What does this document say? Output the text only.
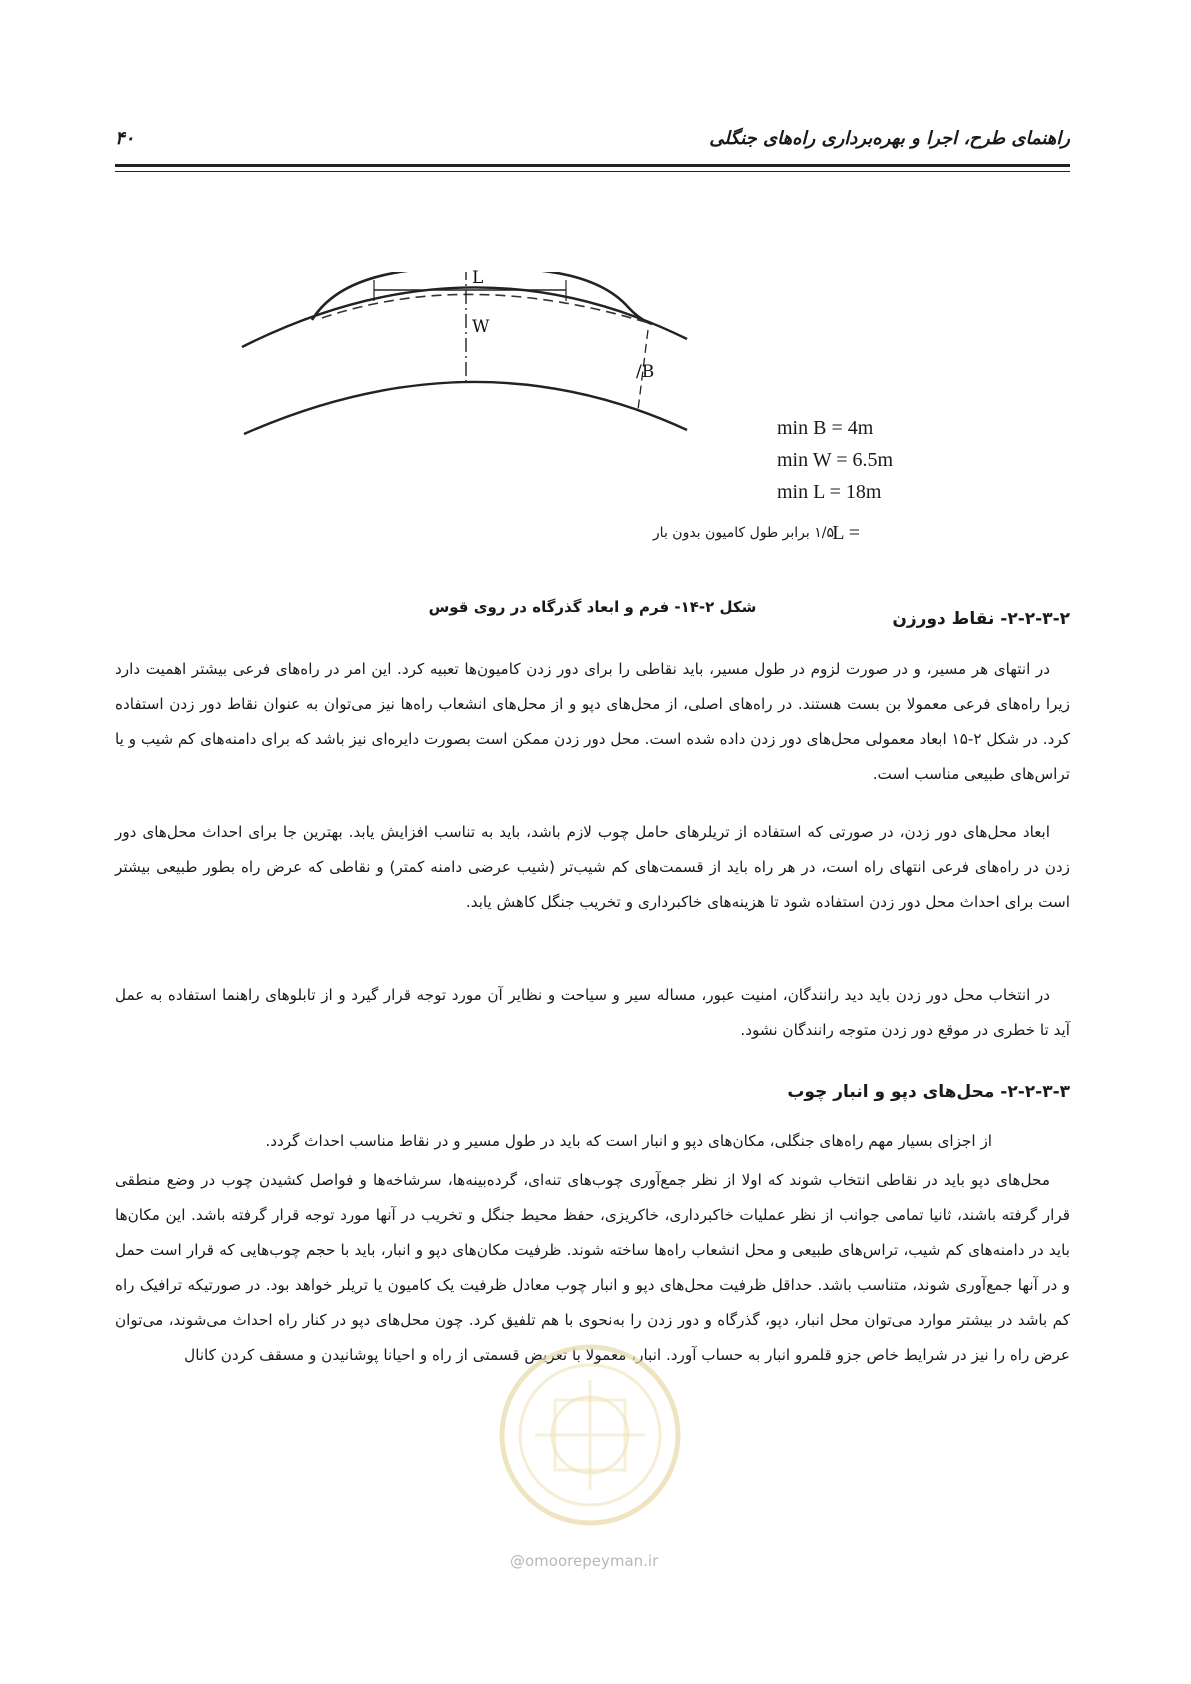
راهنمای طرح، اجرا و بهره‌برداری راه‌های جنگلی
۴۰
L
W
/B
min B = 4m
min W = 6.5m
min L = 18m
L =
۱/۵ برابر طول کامیون بدون بار
شکل ۲-۱۴- فرم و ابعاد گذرگاه در روی قوس
۲-۲-۳-۲- نقاط دورزن

در انتهای هر مسیر، و در صورت لزوم در طول مسیر، باید نقاطی را برای دور زدن کامیون‌ها تعبیه کرد. این امر در راه‌های فرعی بیشتر اهمیت دارد زیرا راه‌های فرعی معمولا بن بست هستند. در راه‌های اصلی، از محل‌های دپو و از محل‌های انشعاب راه‌ها نیز می‌توان به عنوان نقاط دور زدن استفاده کرد. در شکل ۲-۱۵ ابعاد معمولی محل‌های دور زدن داده شده است. محل دور زدن ممکن است بصورت دایره‌ای نیز باشد که برای دامنه‌های کم شیب و یا تراس‌های طبیعی مناسب است.

ابعاد محل‌های دور زدن، در صورتی که استفاده از تریلرهای حامل چوب لازم باشد، باید به تناسب افزایش یابد. بهترین جا برای احداث محل‌های دور زدن در راه‌های فرعی انتهای راه است، در هر راه باید از قسمت‌های کم شیب‌تر (شیب عرضی دامنه کمتر) و نقاطی که عرض راه بطور طبیعی بیشتر است برای احداث محل دور زدن استفاده شود تا هزینه‌های خاکبرداری و تخریب جنگل کاهش یابد.

در انتخاب محل دور زدن باید دید رانندگان، امنیت عبور، مساله سیر و سیاحت و نظایر آن مورد توجه قرار گیرد و از تابلوهای راهنما استفاده به عمل آید تا خطری در موقع دور زدن متوجه رانندگان نشود.

۲-۲-۳-۳- محل‌های دپو و انبار چوب

از اجزای بسیار مهم راه‌های جنگلی، مکان‌های دپو و انبار است که باید در طول مسیر و در نقاط مناسب احداث گردد.

محل‌های دپو باید در نقاطی انتخاب شوند که اولا از نظر جمع‌آوری چوب‌های تنه‌ای، گرده‌بینه‌ها، سرشاخه‌ها و فواصل کشیدن چوب در وضع منطقی قرار گرفته باشند، ثانیا تمامی جوانب از نظر عملیات خاکبرداری، خاکریزی، حفظ محیط جنگل و تخریب در آنها مورد توجه قرار گرفته باشد. این مکان‌ها باید در دامنه‌های کم شیب، تراس‌های طبیعی و محل انشعاب راه‌ها ساخته شوند. ظرفیت مکان‌های دپو و انبار، باید با حجم چوب‌هایی که قرار است حمل و در آنها جمع‌آوری شوند، متناسب باشد. حداقل ظرفیت محل‌های دپو و انبار چوب معادل ظرفیت یک کامیون یا تریلر خواهد بود. در صورتیکه ترافیک راه کم باشد در بیشتر موارد می‌توان محل انبار، دپو، گذرگاه و دور زدن را به‌نحوی با هم تلفیق کرد. چون محل‌های دپو در کنار راه احداث می‌شوند، می‌توان عرض راه را نیز در شرایط خاص جزو قلمرو انبار به حساب آورد. انبار، معمولا با تعریض قسمتی از راه و احیانا پوشانیدن و مسقف کردن کانال

@omoorepeyman.ir
